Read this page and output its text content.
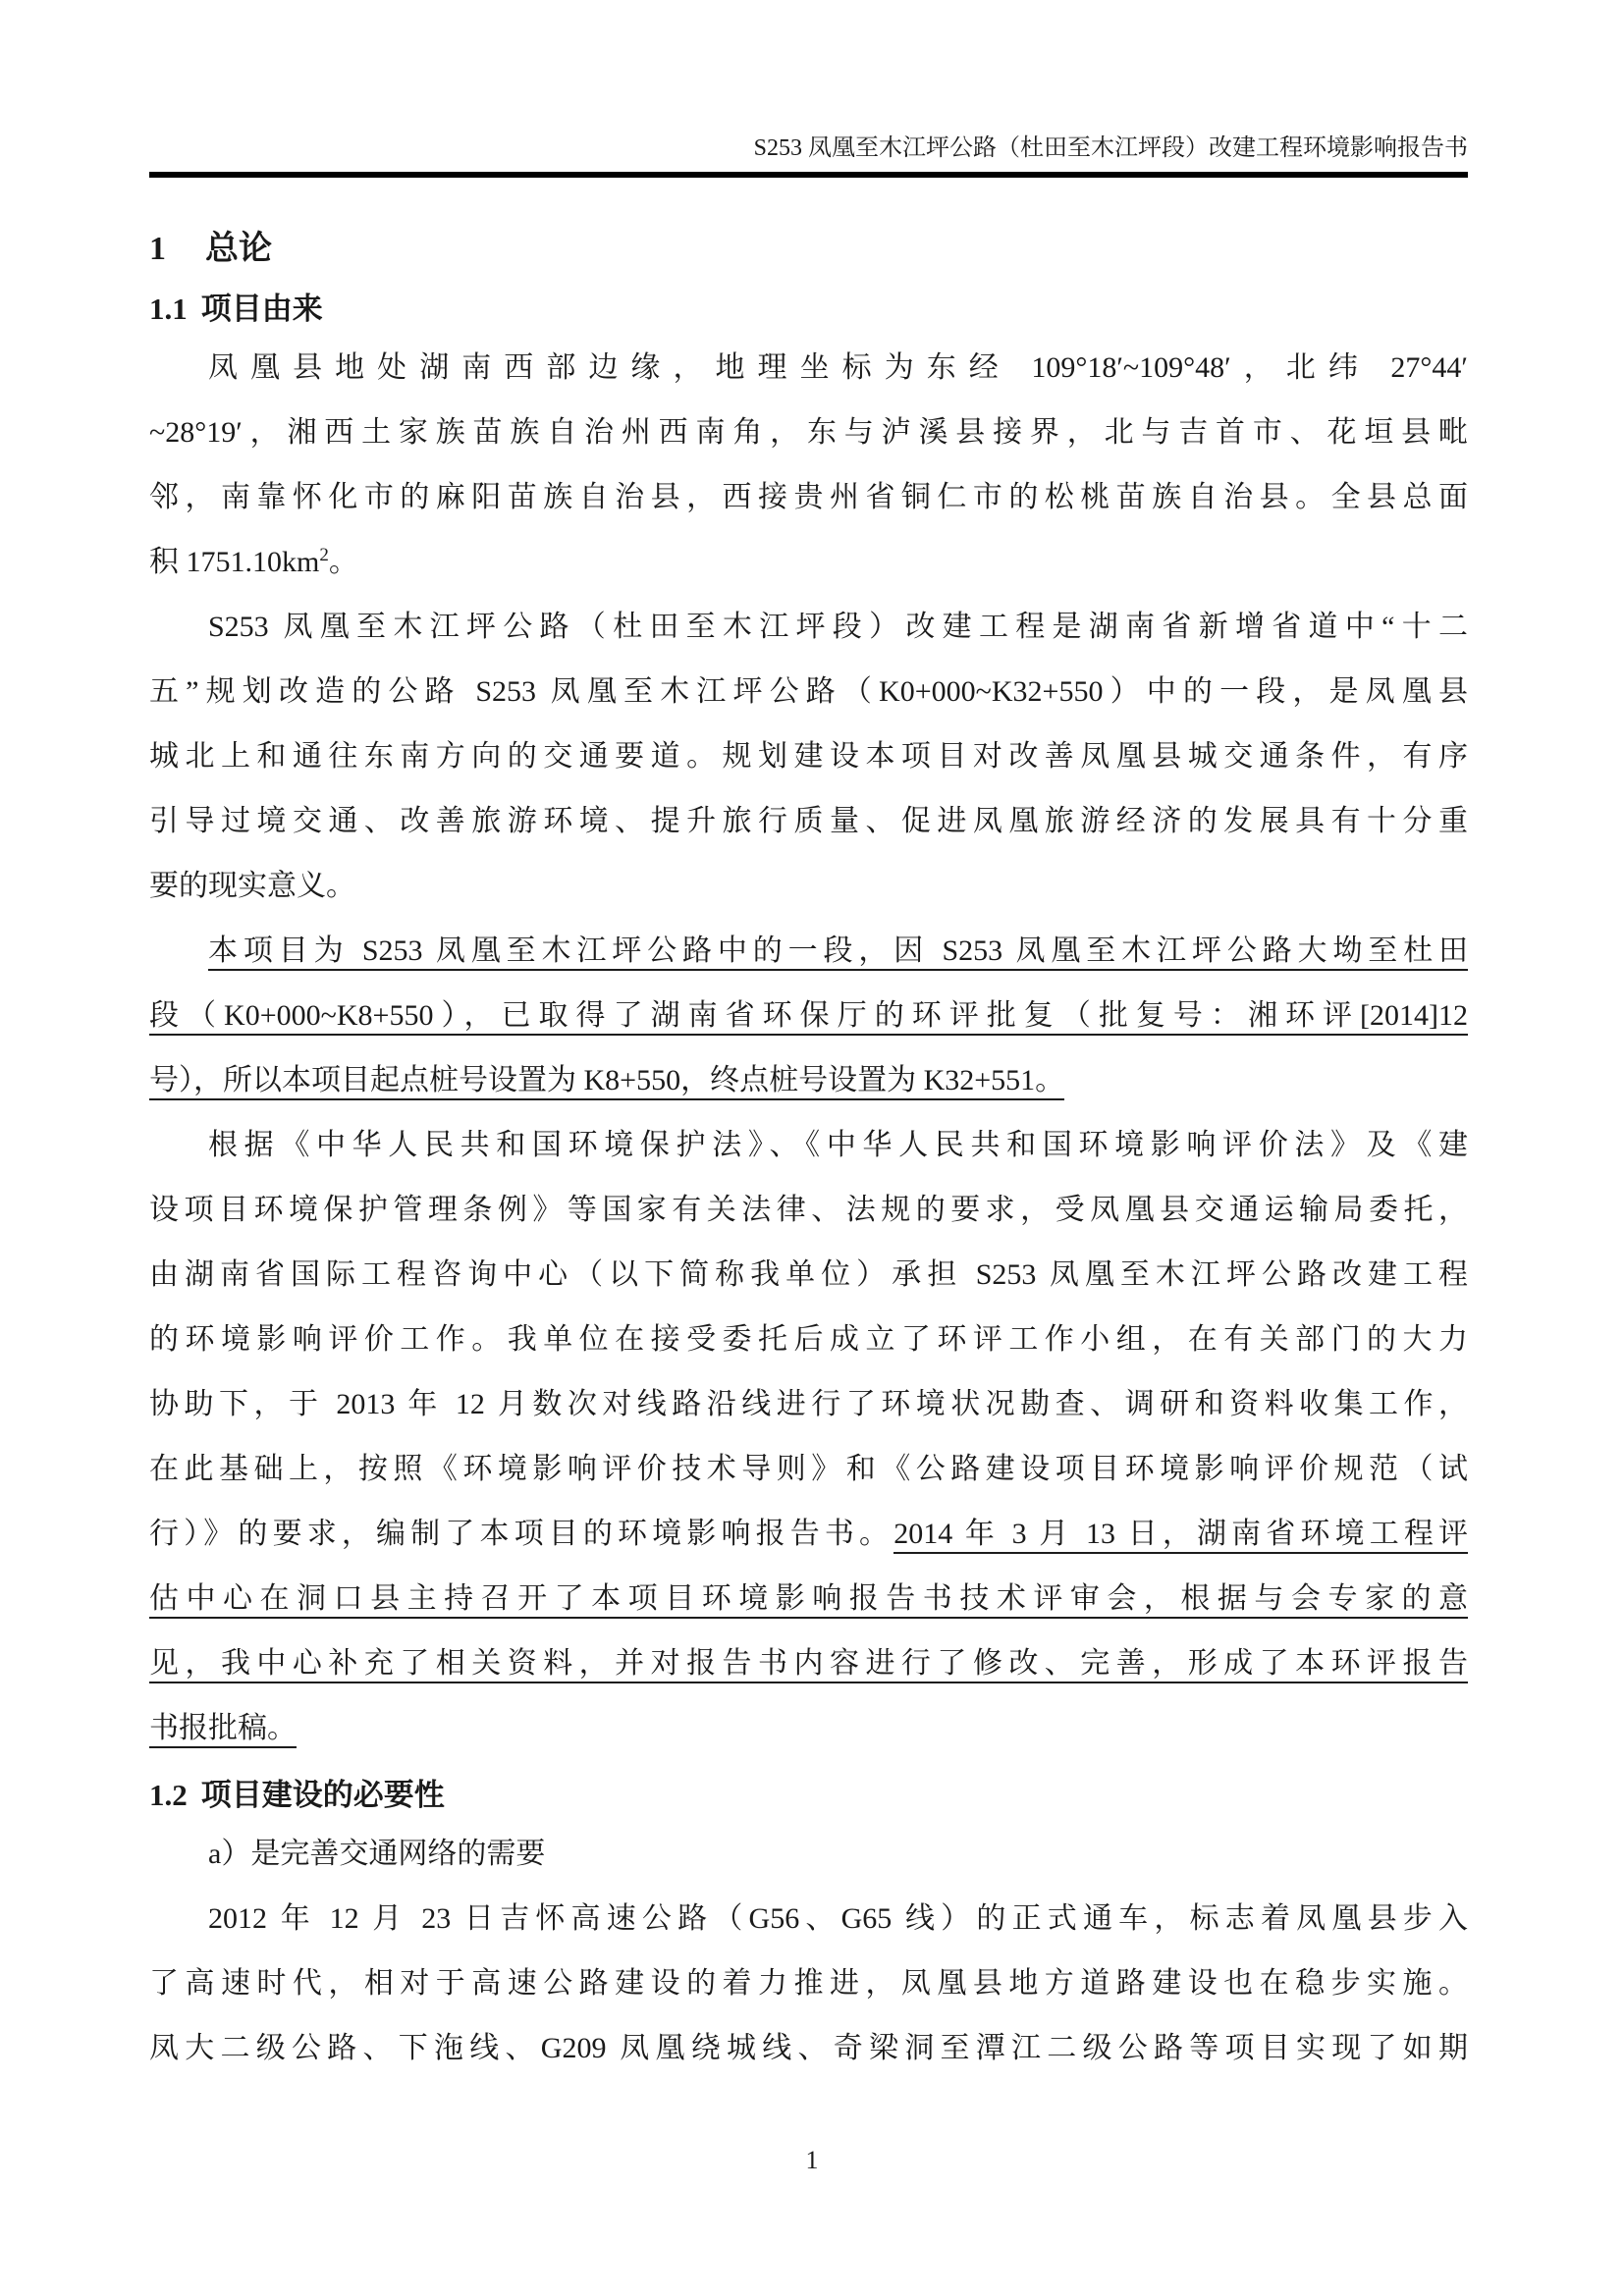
S253 凤凰至木江坪公路（杜田至木江坪段）改建工程环境影响报告书
1 总论
1.1 项目由来
凤凰县地处湖南西部边缘，地理坐标为东经 109°18′~109°48′，北纬 27°44′
~28°19′，湘西土家族苗族自治州西南角，东与泸溪县接界，北与吉首市、花垣县毗
邻，南靠怀化市的麻阳苗族自治县，西接贵州省铜仁市的松桃苗族自治县。全县总面
积 $1751.10km^2$。
S253 凤凰至木江坪公路（杜田至木江坪段）改建工程是湖南省新增省道中“十二
五”规划改造的公路 S253 凤凰至木江坪公路（K0+000~K32+550）中的一段，是凤凰县
城北上和通往东南方向的交通要道。规划建设本项目对改善凤凰县城交通条件，有序
引导过境交通、改善旅游环境、提升旅行质量、促进凤凰旅游经济的发展具有十分重
要的现实意义。
本项目为 S253 凤凰至木江坪公路中的一段，因 S253 凤凰至木江坪公路大坳至杜田
段（K0+000~K8+550），已取得了湖南省环保厅的环评批复（批复号：湘环评[2014]12
号），所以本项目起点桩号设置为 K8+550，终点桩号设置为 K32+551。
根据《中华人民共和国环境保护法》、《中华人民共和国环境影响评价法》及《建
设项目环境保护管理条例》等国家有关法律、法规的要求，受凤凰县交通运输局委托，
由湖南省国际工程咨询中心（以下简称我单位）承担 S253 凤凰至木江坪公路改建工程
的环境影响评价工作。我单位在接受委托后成立了环评工作小组，在有关部门的大力
协助下，于 2013 年 12 月数次对线路沿线进行了环境状况勘查、调研和资料收集工作，
在此基础上，按照《环境影响评价技术导则》和《公路建设项目环境影响评价规范（试
行）》的要求，编制了本项目的环境影响报告书。2014 年 3 月 13 日，湖南省环境工程评
估中心在洞口县主持召开了本项目环境影响报告书技术评审会，根据与会专家的意
见，我中心补充了相关资料，并对报告书内容进行了修改、完善，形成了本环评报告
书报批稿。
1.2 项目建设的必要性
a）是完善交通网络的需要
2012 年 12 月 23 日吉怀高速公路（G56、G65 线）的正式通车，标志着凤凰县步入
了高速时代，相对于高速公路建设的着力推进，凤凰县地方道路建设也在稳步实施。
凤大二级公路、下沲线、G209 凤凰绕城线、奇梁洞至潭江二级公路等项目实现了如期
1
